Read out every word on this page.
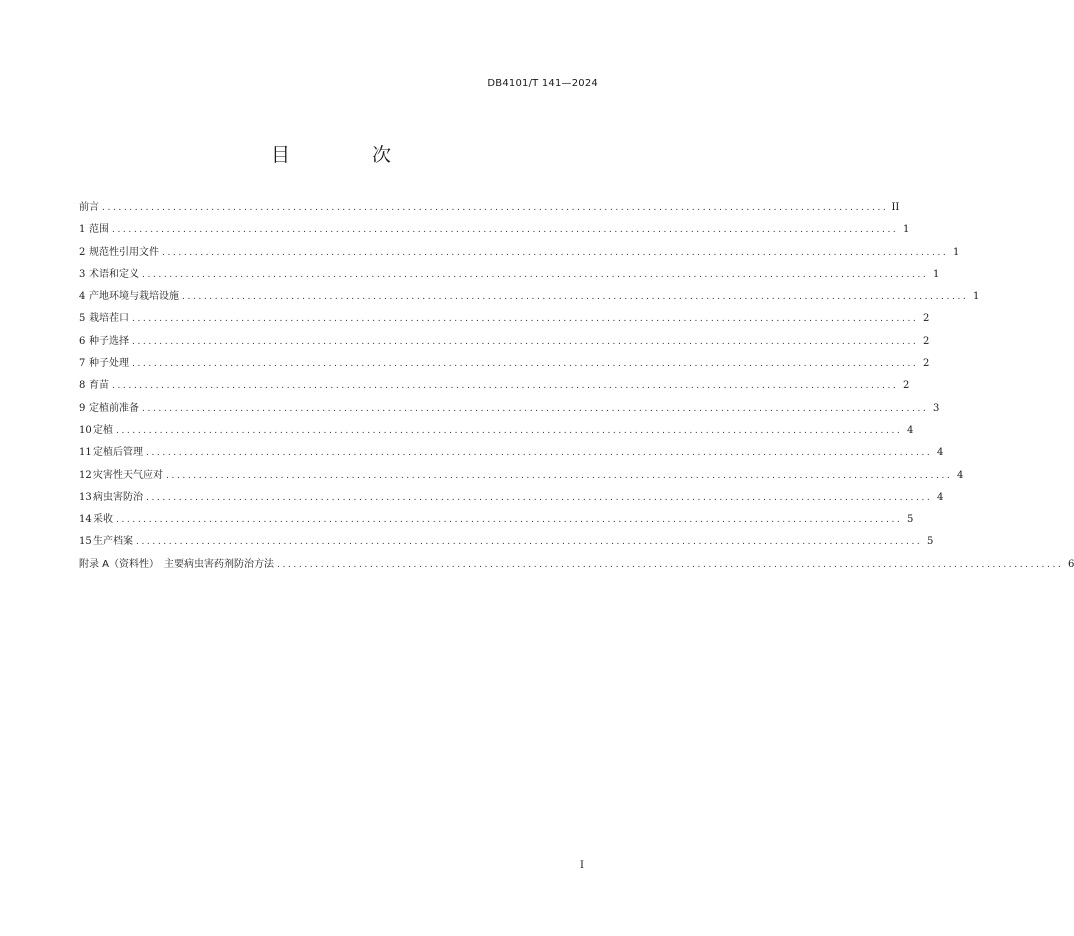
DB4101/T 141—2024
目 次
前言 ................................................................................................................................................ II
1 范围 ................................................................................................................................................ 1
2 规范性引用文件 ................................................................................................................................................ 1
3 术语和定义 ................................................................................................................................................ 1
4 产地环境与栽培设施 ................................................................................................................................................ 1
5 栽培茬口 ................................................................................................................................................ 2
6 种子选择 ................................................................................................................................................ 2
7 种子处理 ................................................................................................................................................ 2
8 育苗 ................................................................................................................................................ 2
9 定植前准备 ................................................................................................................................................ 3
10 定植 ................................................................................................................................................ 4
11 定植后管理 ................................................................................................................................................ 4
12 灾害性天气应对 ................................................................................................................................................ 4
13 病虫害防治 ................................................................................................................................................ 4
14 采收 ................................................................................................................................................ 5
15 生产档案 ................................................................................................................................................ 5
附录 A（资料性）　主要病虫害药剂防治方法 ................................................................................................................................................ 6
I
